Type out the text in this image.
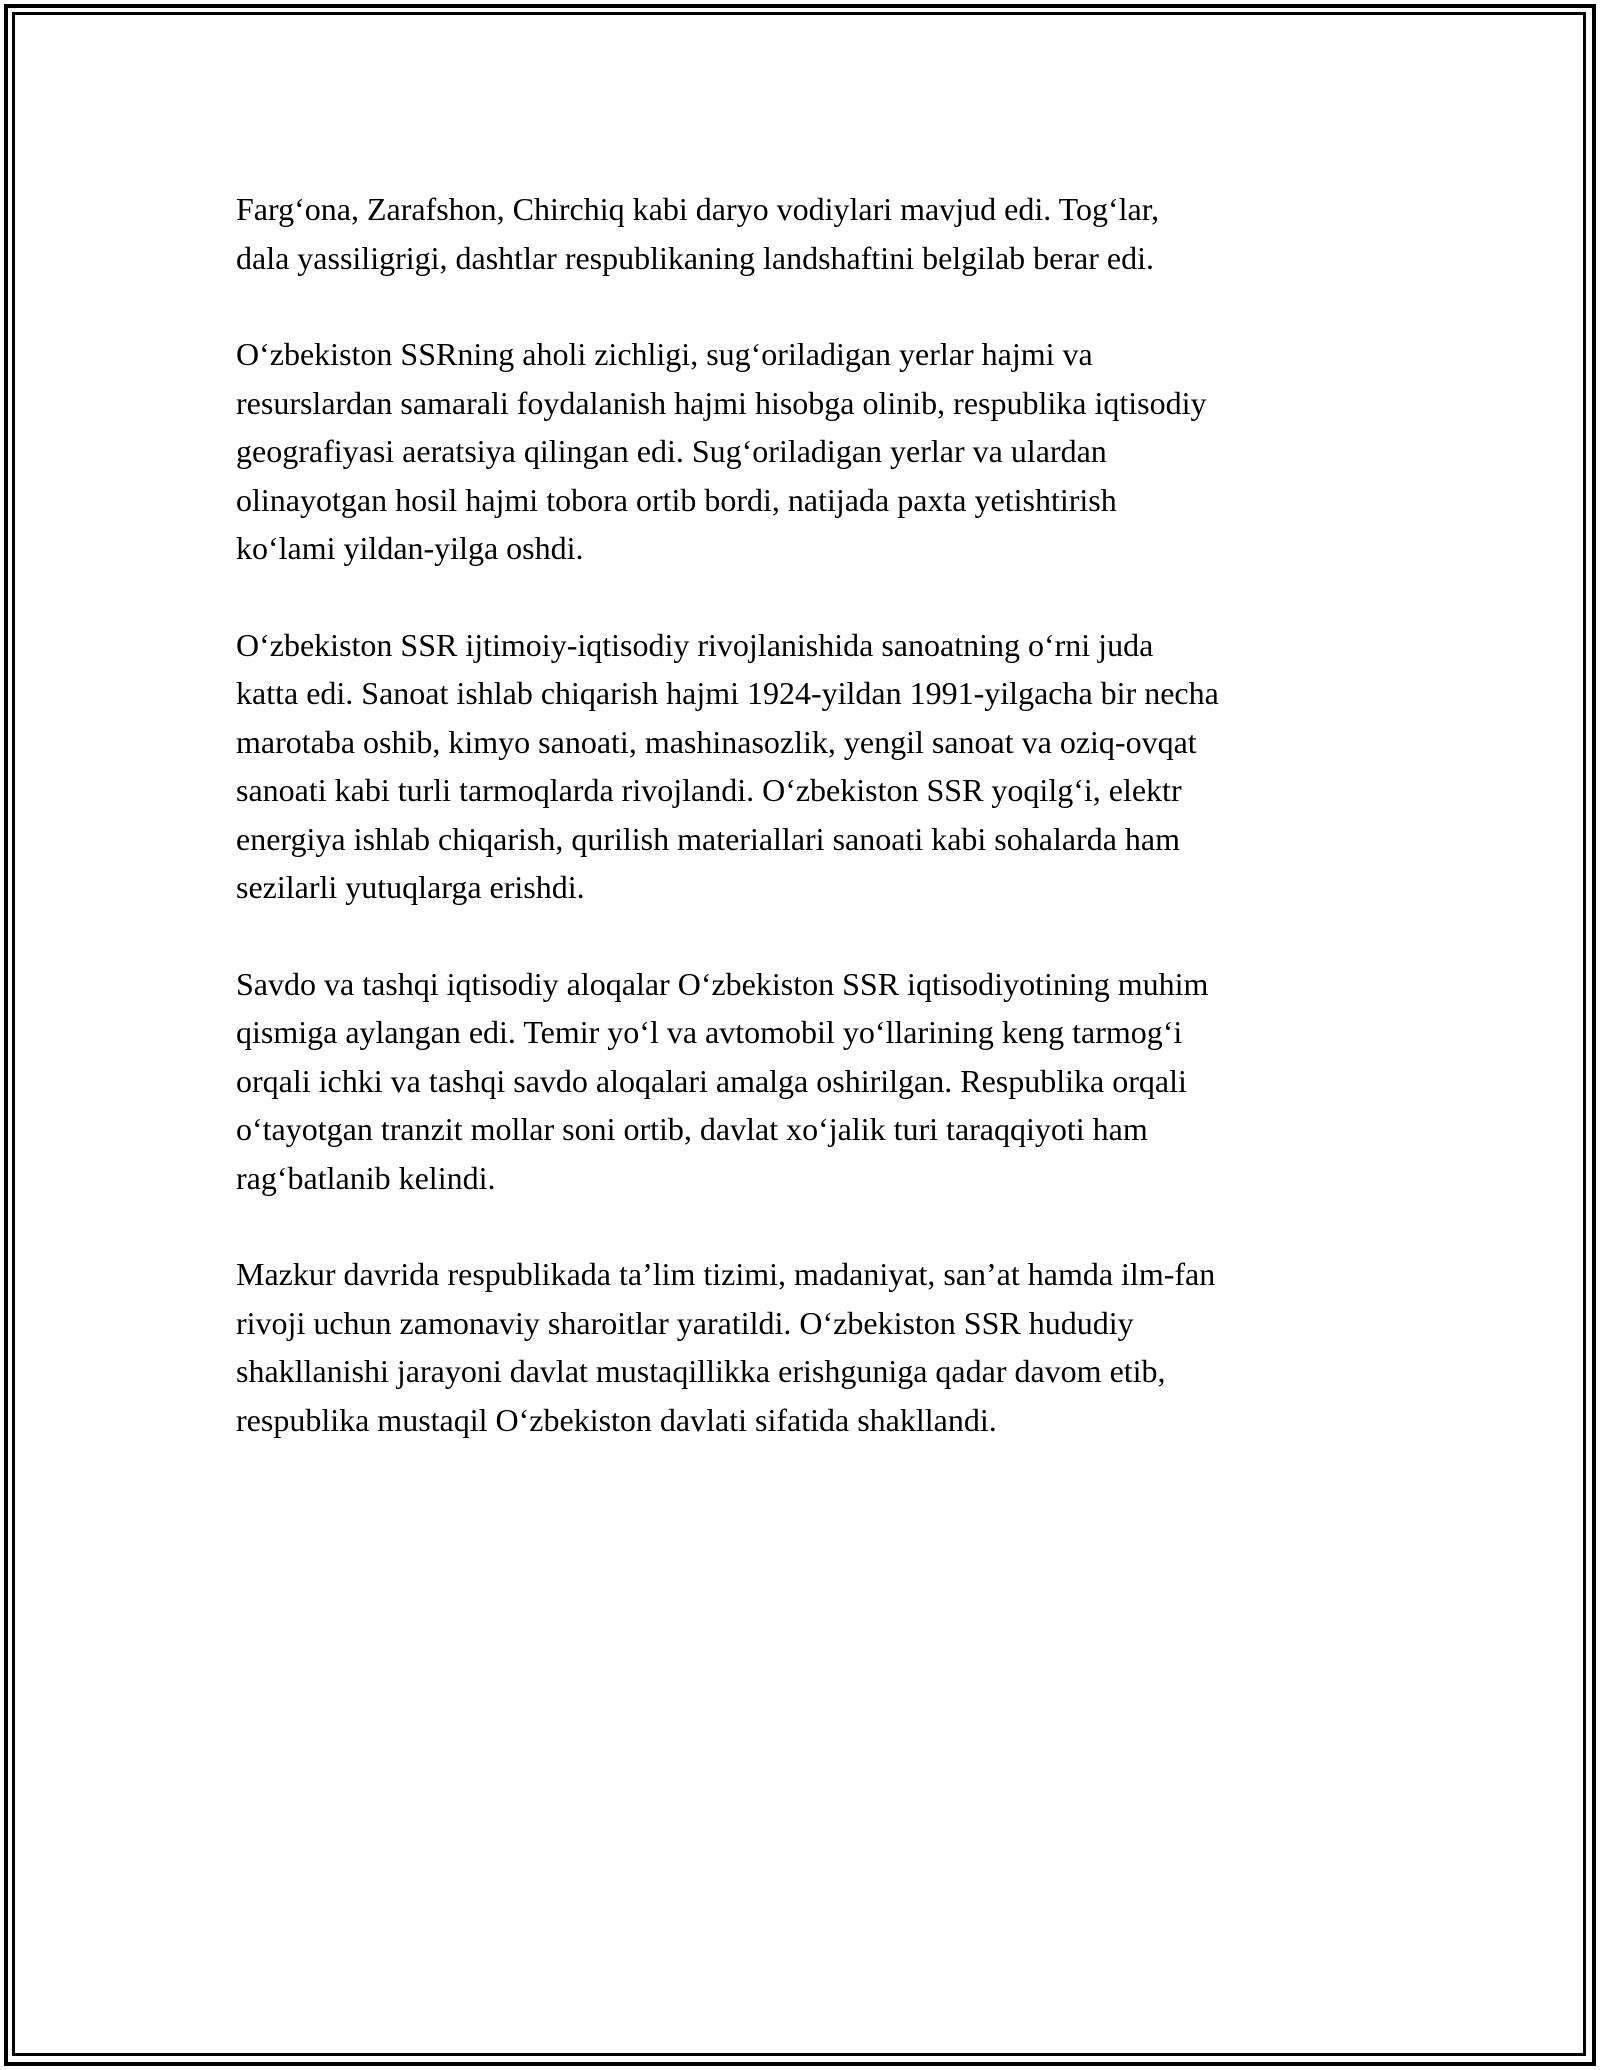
Farg‘ona, Zarafshon, Chirchiq kabi daryo vodiylari mavjud edi. Tog‘lar,
dala yassiligrigi, dashtlar respublikaning landshaftini belgilab berar edi.

O‘zbekiston SSRning aholi zichligi, sug‘oriladigan yerlar hajmi va
resurslardan samarali foydalanish hajmi hisobga olinib, respublika iqtisodiy
geografiyasi aeratsiya qilingan edi. Sug‘oriladigan yerlar va ulardan
olinayotgan hosil hajmi tobora ortib bordi, natijada paxta yetishtirish
ko‘lami yildan-yilga oshdi.

O‘zbekiston SSR ijtimoiy-iqtisodiy rivojlanishida sanoatning o‘rni juda
katta edi. Sanoat ishlab chiqarish hajmi 1924-yildan 1991-yilgacha bir necha
marotaba oshib, kimyo sanoati, mashinasozlik, yengil sanoat va oziq-ovqat
sanoati kabi turli tarmoqlarda rivojlandi. O‘zbekiston SSR yoqilg‘i, elektr
energiya ishlab chiqarish, qurilish materiallari sanoati kabi sohalarda ham
sezilarli yutuqlarga erishdi.

Savdo va tashqi iqtisodiy aloqalar O‘zbekiston SSR iqtisodiyotining muhim
qismiga aylangan edi. Temir yo‘l va avtomobil yo‘llarining keng tarmog‘i
orqali ichki va tashqi savdo aloqalari amalga oshirilgan. Respublika orqali
o‘tayotgan tranzit mollar soni ortib, davlat xo‘jalik turi taraqqiyoti ham
rag‘batlanib kelindi.

Mazkur davrida respublikada ta’lim tizimi, madaniyat, san’at hamda ilm-fan
rivoji uchun zamonaviy sharoitlar yaratildi. O‘zbekiston SSR hududiy
shakllanishi jarayoni davlat mustaqillikka erishguniga qadar davom etib,
respublika mustaqil O‘zbekiston davlati sifatida shakllandi.
